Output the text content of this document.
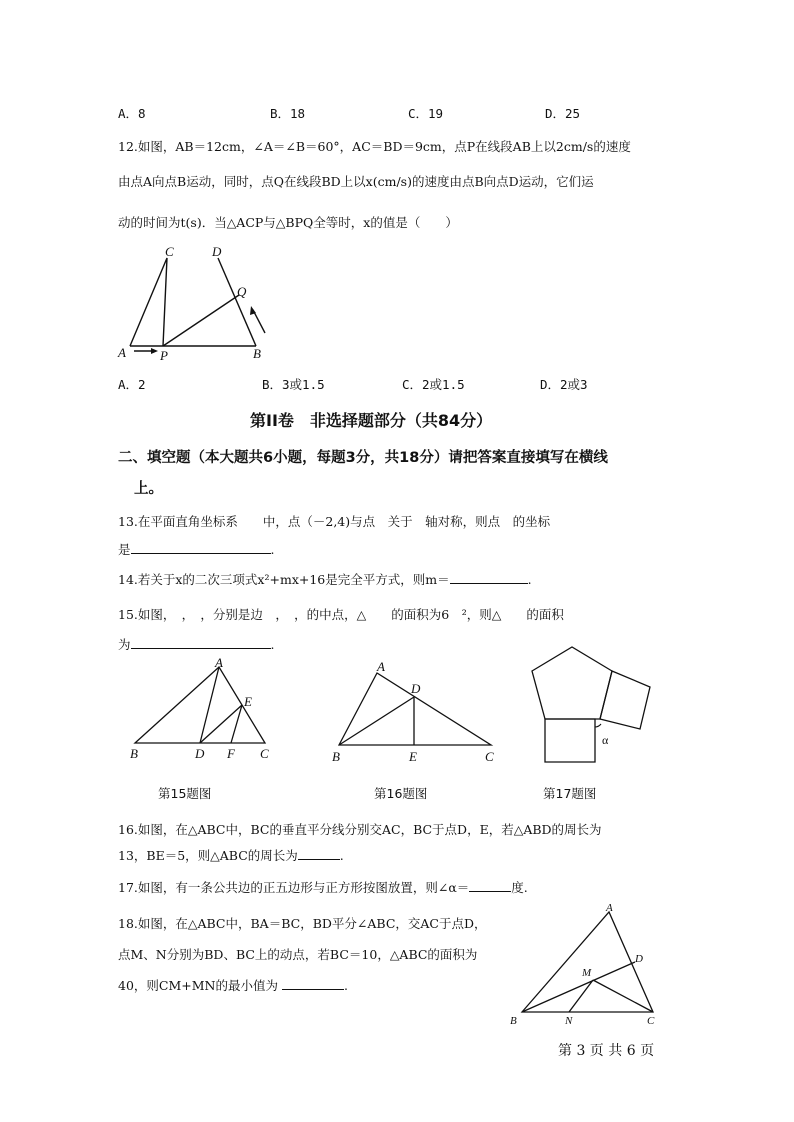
A．8	B．18	C．19	D．25
12.如图，AB＝12cm，∠A＝∠B＝60°，AC＝BD＝9cm，点P在线段AB上以2cm/s的速度
由点A向点B运动，同时，点Q在线段BD上以x(cm/s)的速度由点B向点D运动，它们运
动的时间为t(s)．当△ACP与△BPQ全等时，x的值是（　　）
C	D
Q
A	P	B
A．2	B．3或1.5	C．2或1.5	D．2或3
第II卷　非选择题部分（共84分）
二、填空题（本大题共6小题，每题3分，共18分）请把答案直接填写在横线
上。
13.在平面直角坐标系　　中，点（－2,4)与点　关于　轴对称，则点　的坐标
是	.
14.若关于x的二次三项式x²+mx+16是完全平方式，则m＝	.
15.如图，　，　，分别是边　，　，的中点，△　　的面积为6　²，则△　　的面积
为	.
A
B	D F
E
C
A
D
B	E	C
α
第15题图	第16题图	第17题图
16.如图，在△ABC中，BC的垂直平分线分别交AC，BC于点D，E，若△ABD的周长为
13，BE＝5，则△ABC的周长为	.
17.如图，有一条公共边的正五边形与正方形按图放置，则∠α＝	度.
18.如图，在△ABC中，BA＝BC，BD平分∠ABC，交AC于点D，
点M、N分别为BD、BC上的动点，若BC＝10，△ABC的面积为
40，则CM+MN的最小值为	.
A
D
M
B	N	C
第 3 页 共 6 页
